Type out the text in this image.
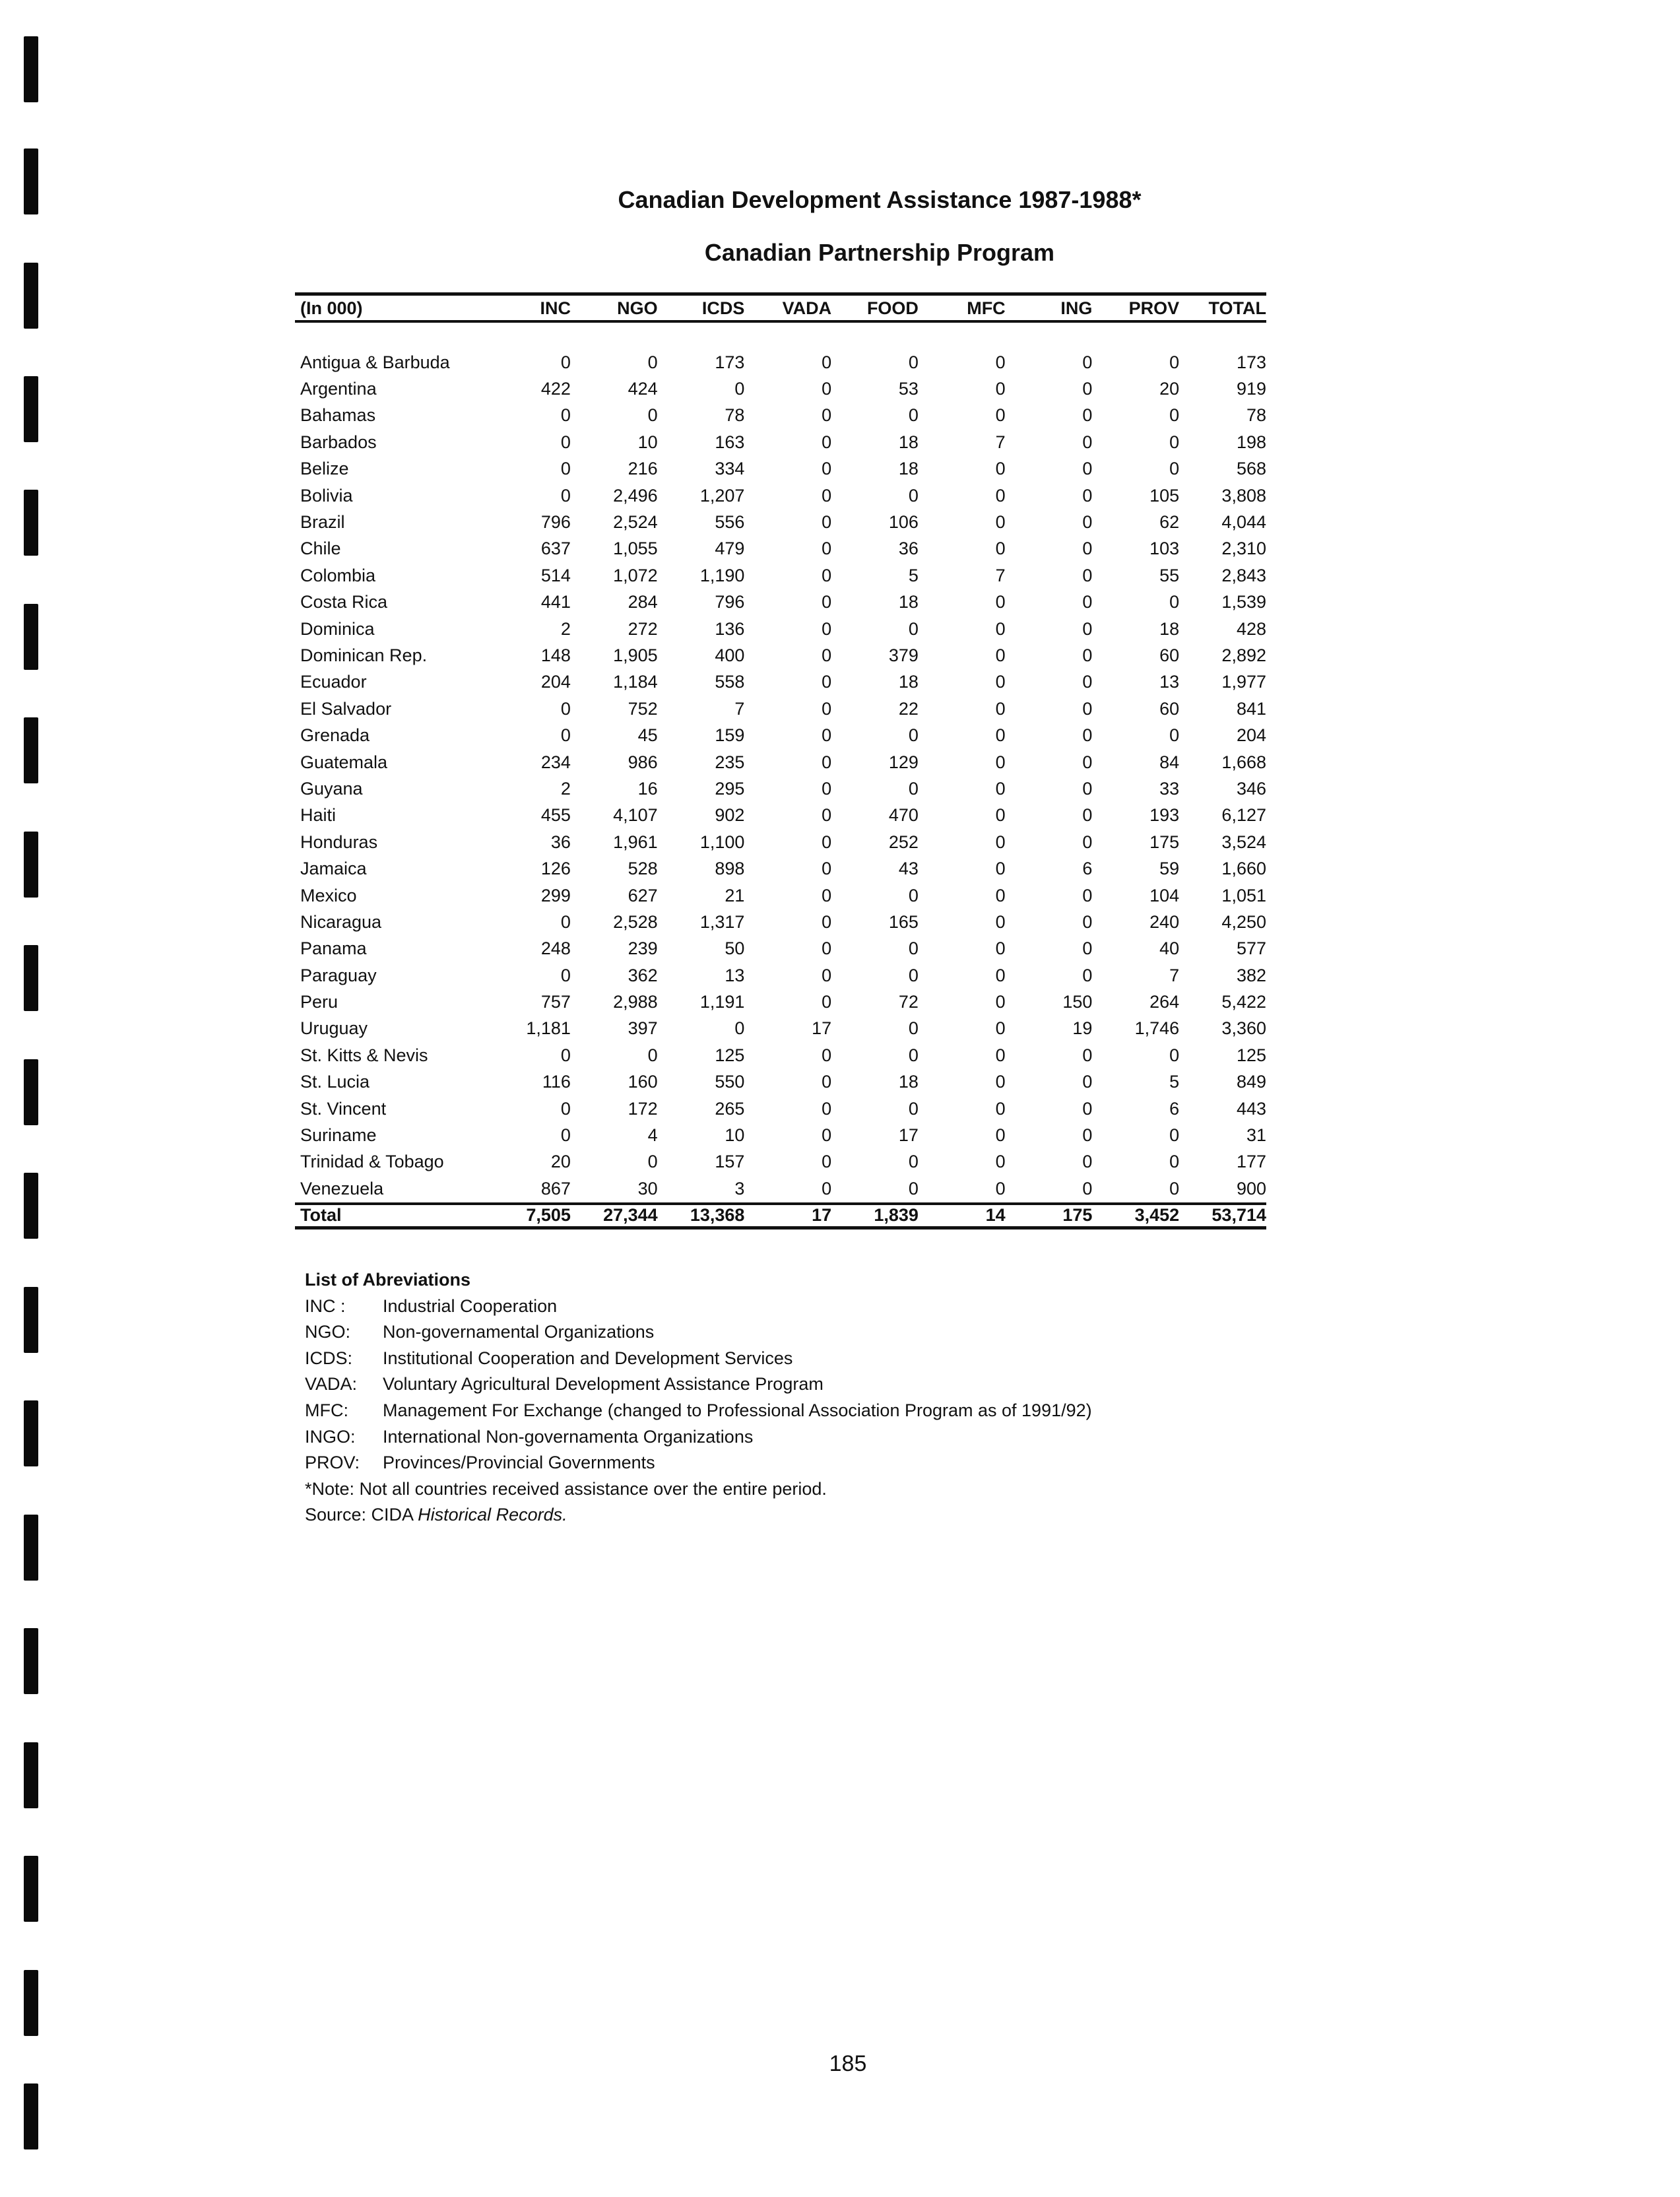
Canadian Development Assistance 1987-1988*
Canadian Partnership Program
(In 000)	INC	NGO	ICDS	VADA	FOOD	MFC	ING	PROV	TOTAL

Antigua & Barbuda	0	0	173	0	0	0	0	0	173
Argentina	422	424	0	0	53	0	0	20	919
Bahamas	0	0	78	0	0	0	0	0	78
Barbados	0	10	163	0	18	7	0	0	198
Belize	0	216	334	0	18	0	0	0	568
Bolivia	0	2,496	1,207	0	0	0	0	105	3,808
Brazil	796	2,524	556	0	106	0	0	62	4,044
Chile	637	1,055	479	0	36	0	0	103	2,310
Colombia	514	1,072	1,190	0	5	7	0	55	2,843
Costa Rica	441	284	796	0	18	0	0	0	1,539
Dominica	2	272	136	0	0	0	0	18	428
Dominican Rep.	148	1,905	400	0	379	0	0	60	2,892
Ecuador	204	1,184	558	0	18	0	0	13	1,977
El Salvador	0	752	7	0	22	0	0	60	841
Grenada	0	45	159	0	0	0	0	0	204
Guatemala	234	986	235	0	129	0	0	84	1,668
Guyana	2	16	295	0	0	0	0	33	346
Haiti	455	4,107	902	0	470	0	0	193	6,127
Honduras	36	1,961	1,100	0	252	0	0	175	3,524
Jamaica	126	528	898	0	43	0	6	59	1,660
Mexico	299	627	21	0	0	0	0	104	1,051
Nicaragua	0	2,528	1,317	0	165	0	0	240	4,250
Panama	248	239	50	0	0	0	0	40	577
Paraguay	0	362	13	0	0	0	0	7	382
Peru	757	2,988	1,191	0	72	0	150	264	5,422
Uruguay	1,181	397	0	17	0	0	19	1,746	3,360
St. Kitts & Nevis	0	0	125	0	0	0	0	0	125
St. Lucia	116	160	550	0	18	0	0	5	849
St. Vincent	0	172	265	0	0	0	0	6	443
Suriname	0	4	10	0	17	0	0	0	31
Trinidad & Tobago	20	0	157	0	0	0	0	0	177
Venezuela	867	30	3	0	0	0	0	0	900
Total	7,505	27,344	13,368	17	1,839	14	175	3,452	53,714
List of Abreviations
INC :	Industrial Cooperation
NGO:	Non-governamental Organizations
ICDS:	Institutional Cooperation and Development Services
VADA:	Voluntary Agricultural Development Assistance Program
MFC:	Management For Exchange (changed to Professional Association Program as of 1991/92)
INGO:	International Non-governamenta Organizations
PROV:	Provinces/Provincial Governments
*Note: Not all countries received assistance over the entire period.
Source: CIDA Historical Records.
185
